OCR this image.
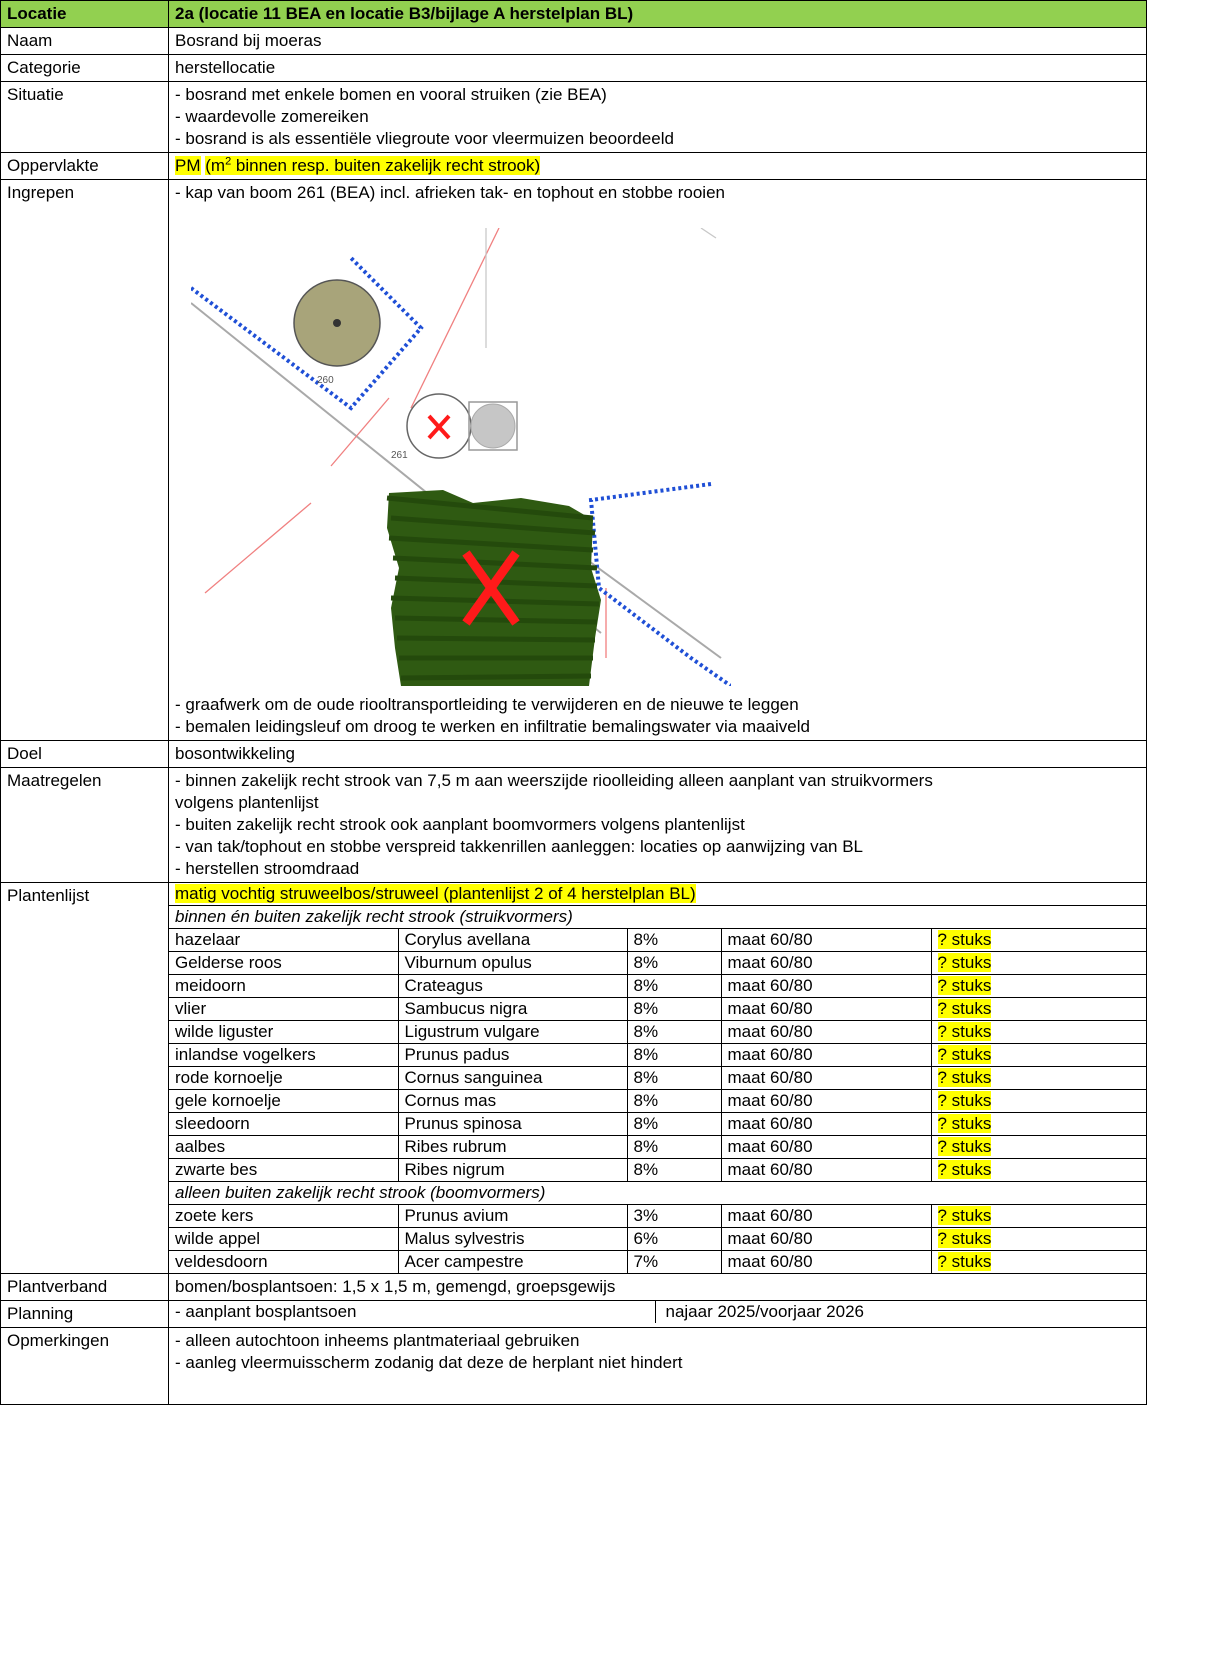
Locatie	2a (locatie 11 BEA en locatie B3/bijlage A herstelplan BL)
Naam	Bosrand bij moeras
Categorie	herstellocatie
Situatie	- bosrand met enkele bomen en vooral struiken (zie BEA)
- waardevolle zomereiken
- bosrand is als essentiële vliegroute voor vleermuizen beoordeeld

Oppervlakte	PM ($m^2$ binnen resp. buiten zakelijk recht strook)
Ingrepen	- kap van boom 261 (BEA) incl. afrieken tak- en tophout en stobbe rooien
260
261
- graafwerk om de oude riooltransportleiding te verwijderen en de nieuwe te leggen
- bemalen leidingsleuf om droog te werken en infiltratie bemalingswater via maaiveld

Doel	bosontwikkeling
Maatregelen	- binnen zakelijk recht strook van 7,5 m aan weerszijde rioolleiding alleen aanplant van struikvormers
volgens plantenlijst
- buiten zakelijk recht strook ook aanplant boomvormers volgens plantenlijst
- van tak/tophout en stobbe verspreid takkenrillen aanleggen: locaties op aanwijzing van BL
- herstellen stroomdraad

Plantenlijst		matig vochtig struweelbos/struweel (plantenlijst 2 of 4 herstelplan BL)
binnen én buiten zakelijk recht strook (struikvormers)
hazelaar	Corylus avellana	8%	maat 60/80	? stuks
Gelderse roos	Viburnum opulus	8%	maat 60/80	? stuks
meidoorn	Crateagus	8%	maat 60/80	? stuks
vlier	Sambucus nigra	8%	maat 60/80	? stuks
wilde liguster	Ligustrum vulgare	8%	maat 60/80	? stuks
inlandse vogelkers	Prunus padus	8%	maat 60/80	? stuks
rode kornoelje	Cornus sanguinea	8%	maat 60/80	? stuks
gele kornoelje	Cornus mas	8%	maat 60/80	? stuks
sleedoorn	Prunus spinosa	8%	maat 60/80	? stuks
aalbes	Ribes rubrum	8%	maat 60/80	? stuks
zwarte bes	Ribes nigrum	8%	maat 60/80	? stuks
alleen buiten zakelijk recht strook (boomvormers)
zoete kers	Prunus avium	3%	maat 60/80	? stuks
wilde appel	Malus sylvestris	6%	maat 60/80	? stuks
veldesdoorn	Acer campestre	7%	maat 60/80	? stuks

Plantverband	bomen/bosplantsoen: 1,5 x 1,5 m, gemengd, groepsgewijs
Planning		- aanplant bosplantsoen	najaar 2025/voorjaar 2026

Opmerkingen	- alleen autochtoon inheems plantmateriaal gebruiken
- aanleg vleermuisscherm zodanig dat deze de herplant niet hindert
